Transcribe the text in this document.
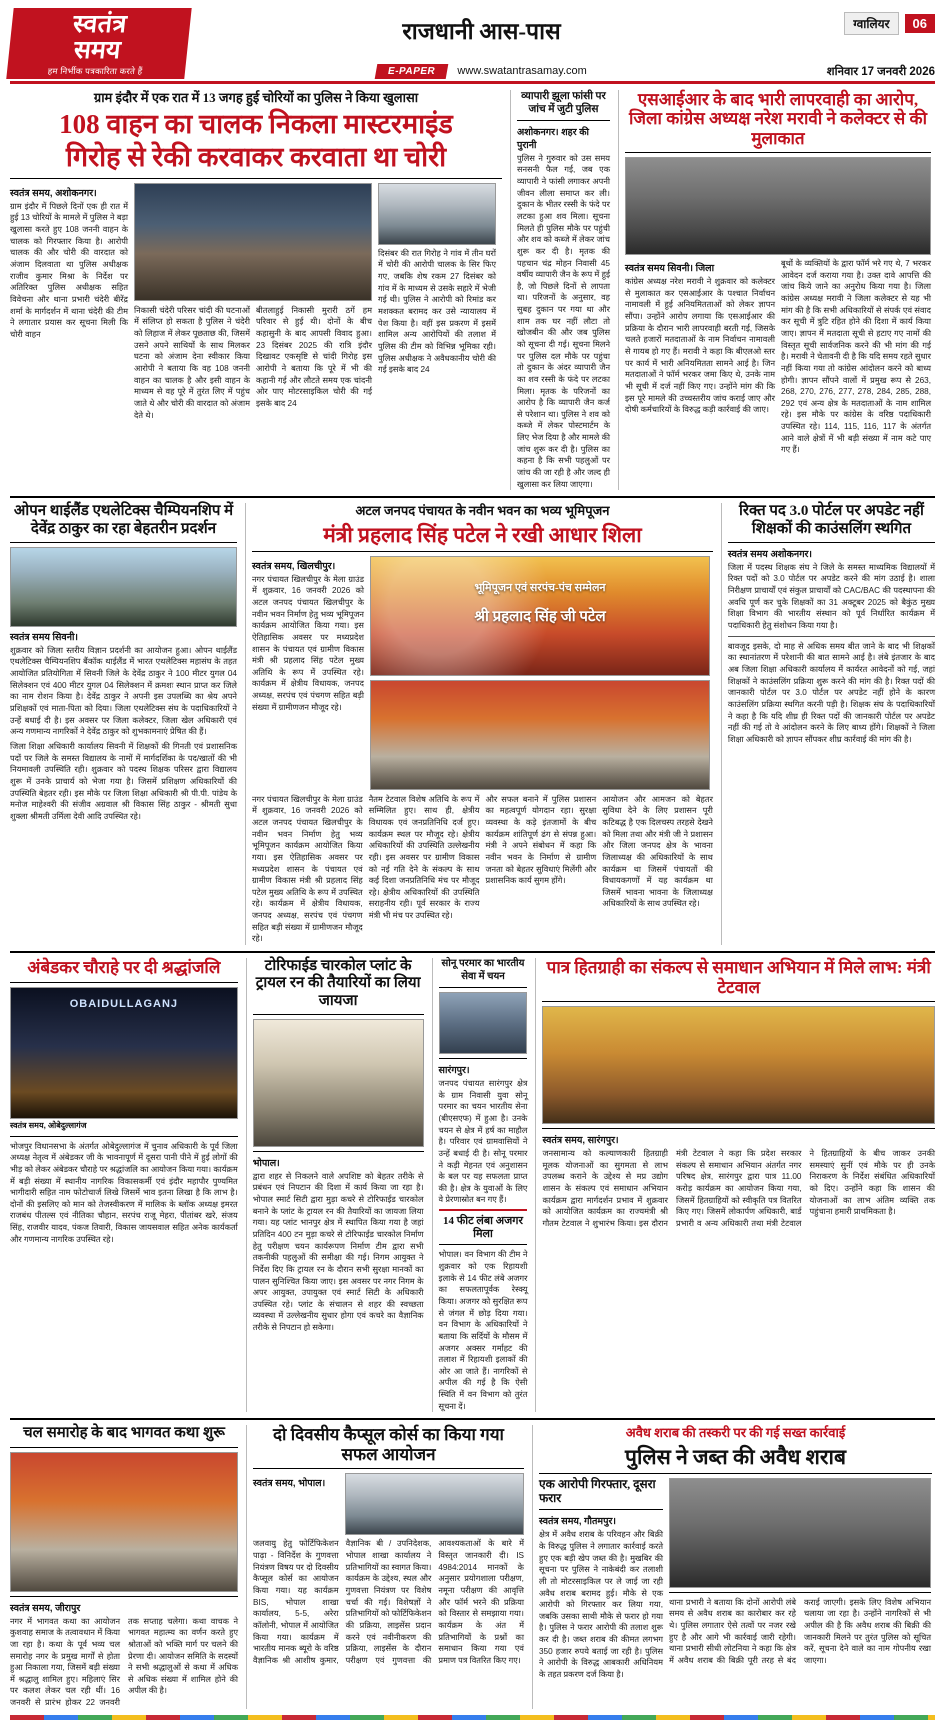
स्वतंत्र
समय
हम निर्भीक पत्रकारिता करते हैं
राजधानी आस-पास
E-PAPER	www.swatantrasamay.com
ग्वालियर	06
शनिवार 17 जनवरी 2026
ग्राम इंदौर में एक रात में 13 जगह हुई चोरियों का पुलिस ने किया खुलासा
108 वाहन का चालक निकला मास्टरमाइंड
गिरोह से रेकी करवाकर करवाता था चोरी
स्वतंत्र समय, अशोकनगर।
ग्राम इंदौर में पिछले दिनों एक ही रात में हुई 13 चोरियों के मामले में पुलिस ने बड़ा खुलासा करते हुए 108 जननी वाहन के चालक को गिरफ्तार किया है। आरोपी चालक की और चोरी की वारदात को अंजाम दिलवाता था पुलिस अधीक्षक राजीव कुमार मिश्रा के निर्देश पर अतिरिक्त पुलिस अधीक्षक सहित विवेचना और थाना प्रभारी चंदेरी बीरेंद्र शर्मा के मार्गदर्शन में थाना चंदेरी की टीम ने लगातार प्रयास कर सूचना मिली कि चोरी वाहन
निकासी चंदेरी परिसर चांदी की घटनाओं में संलिप्त हो सकता है पुलिस ने चंदेरी को लिहाज में लेकर पूछताछ की, जिसमें उसने अपने साथियों के साथ मिलकर घटना को अंजाम देना स्वीकार किया आरोपी ने बताया कि वह 108 जननी वाहन का चालक है और इसी वाहन के माध्यम से वह पूरे में तुरंत लिए में पहुंच जाते थे और चोरी की वारदात को अंजाम देते थे।
बीतलाहुई निकासी मुरारी ठगें हम परिवार से हुई थी। दोनों के बीच कहासुनी के बाद आपसी विवाद हुआ। 23 दिसंबर 2025 की रात्रि इंदौर दिखावट एकसृष्टि से चांदी गिरोह इस आरोपी ने बताया कि पूरे में भी की कहानी गई और लौटते समय एक चांदनी ओर पाए मोटरसाइकिल चोरी की गई इसके बाद 24
दिसंबर की रात गिरोह ने गांव में तीन घरों में चोरी की आरोपी चालक के सिर फिए गए, जबकि शेष रकम 27 दिसंबर को गांव में के माध्यम से उसके सहारे में भेजी गई थी। पुलिस ने आरोपी को रिमांड कर मशक्कत बरामद कर उसे न्यायालय में पेश किया है। वहीं इस प्रकरण में इसमें शामिल अन्य आरोपियों की तलाश में पुलिस की टीम को विभिन्न भूमिका रही। पुलिस अधीक्षक ने अवैधकानीय चोरी की गई इसके बाद 24
व्यापारी झूला फांसी पर जांच में जुटी पुलिस
अशोकनगर। शहर की पुरानी
पुलिस ने गुरुवार को उस समय सनसनी फैल गई, जब एक व्यापारी ने फांसी लगाकर अपनी जीवन लीला समाप्त कर ली। दुकान के भीतर रस्सी के फंदे पर लटका हुआ शव मिला। सूचना मिलते ही पुलिस मौके पर पहुंची और शव को कब्जे में लेकर जांच शुरू कर दी है। मृतक की पहचान चंद्र मोहन निवासी 45 वर्षीय व्यापारी जैन के रूप में हुई है, जो पिछले दिनों से लापता था। परिजनों के अनुसार, वह सुबह दुकान पर गया था और शाम तक घर नहीं लौटा तो खोजबीन की और जब पुलिस को सूचना दी गई। सूचना मिलने पर पुलिस दल मौके पर पहुंचा तो दुकान के अंदर व्यापारी जैन का शव रस्सी के फंदे पर लटका मिला। मृतक के परिजनों का आरोप है कि व्यापारी जैन कर्ज से परेशान था। पुलिस ने शव को कब्जे में लेकर पोस्टमार्टम के लिए भेज दिया है और मामले की जांच शुरू कर दी है। पुलिस का कहना है कि सभी पहलुओं पर जांच की जा रही है और जल्द ही खुलासा कर लिया जाएगा।
एसआईआर के बाद भारी लापरवाही का आरोप, जिला कांग्रेस अध्यक्ष नरेश मरावी ने कलेक्टर से की मुलाकात
स्वतंत्र समय सिवनी। जिला
कांग्रेस अध्यक्ष नरेश मरावी ने शुक्रवार को कलेक्टर से मुलाकात कर एसआईआर के पश्चात निर्वाचन नामावली में हुई अनियमितताओं को लेकर ज्ञापन सौंपा। उन्होंने आरोप लगाया कि एसआईआर की प्रक्रिया के दौरान भारी लापरवाही बरती गई, जिसके चलते हजारों मतदाताओं के नाम निर्वाचन नामावली से गायब हो गए हैं। मरावी ने कहा कि बीएलओ स्तर पर कार्य में भारी अनियमितता सामने आई है। जिन मतदाताओं ने फॉर्म भरकर जमा किए थे, उनके नाम भी सूची में दर्ज नहीं किए गए। उन्होंने मांग की कि इस पूरे मामले की उच्चस्तरीय जांच कराई जाए और दोषी कर्मचारियों के विरुद्ध कड़ी कार्रवाई की जाए।
बूथों के व्यक्तियों के द्वारा फॉर्म भरे गए थे, 7 भरकर आवेदन दर्ज कराया गया है। उक्त दावे आपत्ति की जांच किये जाने का अनुरोध किया गया है। जिला कांग्रेस अध्यक्ष मरावी ने जिला कलेक्टर से यह भी मांग की है कि सभी अधिकारियों से संपर्क एवं संवाद कर सूची में त्रुटि रहित होने की दिशा में कार्य किया जाए। ज्ञापन में मतदाता सूची से हटाए गए नामों की विस्तृत सूची सार्वजनिक करने की भी मांग की गई है। मरावी ने चेतावनी दी है कि यदि समय रहते सुधार नहीं किया गया तो कांग्रेस आंदोलन करने को बाध्य होगी। ज्ञापन सौंपने वालों में प्रमुख रूप से 263, 268, 270, 276, 277, 278, 284, 285, 288, 292 एवं अन्य क्षेत्र के मतदाताओं के नाम शामिल रहे। इस मौके पर कांग्रेस के वरिष्ठ पदाधिकारी उपस्थित रहे। 114, 115, 116, 117 के अंतर्गत आने वाले क्षेत्रों में भी बड़ी संख्या में नाम कटे पाए गए हैं।
ओपन थाईलैंड एथलेटिक्स चैम्पियनशिप में देवेंद्र ठाकुर का रहा बेहतरीन प्रदर्शन
स्वतंत्र समय सिवनी।
शुक्रवार को जिला स्तरीय विज्ञान प्रदर्शनी का आयोजन हुआ। ओपन थाईलैंड एथलेटिक्स चैम्पियनशिप बैंकॉक थाईलैंड में भारत एथलेटिक्स महासंघ के तहत आयोजित प्रतियोगिता में सिवनी जिले के देवेंद्र ठाकुर ने 100 मीटर युगल 04 सिलेक्शन एवं 400 मीटर युगल 04 सिलेक्शन में क्रमशः स्थान प्राप्त कर जिले का नाम रोशन किया है। देवेंद्र ठाकुर ने अपनी इस उपलब्धि का श्रेय अपने प्रशिक्षकों एवं माता-पिता को दिया। जिला एथलेटिक्स संघ के पदाधिकारियों ने उन्हें बधाई दी है। इस अवसर पर जिला कलेक्टर, जिला खेल अधिकारी एवं अन्य गणमान्य नागरिकों ने देवेंद्र ठाकुर को शुभकामनाएं प्रेषित की हैं।
जिला शिक्षा अधिकारी कार्यालय सिवनी में शिक्षकों की गिनती एवं प्रशासनिक पदों पर जिले के समस्त विद्यालय के नामों में मार्गदर्शिका के पद/खातों की भी नियमावली उपस्थिति रही। शुक्रवार को पदस्थ शिक्षक परिसर द्वारा विद्यालय शुरू में उनके प्राचार्य को भेजा गया है। जिसमें प्रशिक्षण अधिकारियों की उपस्थिति बेहतर रही। इस मौके पर जिला शिक्षा अधिकारी श्री पी.पी. पांडेय के मनोज माहेश्वरी की संजीव अग्रवाल श्री विकास सिंह ठाकुर - श्रीमती सुधा शुक्ला श्रीमती उर्मिला देवी आदि उपस्थित रहे।
अटल जनपद पंचायत के नवीन भवन का भव्य भूमिपूजन
मंत्री प्रहलाद सिंह पटेल ने रखी आधार शिला
स्वतंत्र समय, खिलचीपुर।
नगर पंचायत खिलचीपुर के मेला ग्राउंड में शुक्रवार, 16 जनवरी 2026 को अटल जनपद पंचायत खिलचीपुर के नवीन भवन निर्माण हेतु भव्य भूमिपूजन कार्यक्रम आयोजित किया गया। इस ऐतिहासिक अवसर पर मध्यप्रदेश शासन के पंचायत एवं ग्रामीण विकास मंत्री श्री प्रहलाद सिंह पटेल मुख्य अतिथि के रूप में उपस्थित रहे। कार्यक्रम में क्षेत्रीय विधायक, जनपद अध्यक्ष, सरपंच एवं पंचगण सहित बड़ी संख्या में ग्रामीणजन मौजूद रहे।
भूमिपूजन एवं सरपंच-पंच सम्मेलन
श्री प्रहलाद सिंह जी पटेल
नगर पंचायत खिलचीपुर के मेला ग्राउंड में शुक्रवार, 16 जनवरी 2026 को अटल जनपद पंचायत खिलचीपुर के नवीन भवन निर्माण हेतु भव्य भूमिपूजन कार्यक्रम आयोजित किया गया। इस ऐतिहासिक अवसर पर मध्यप्रदेश शासन के पंचायत एवं ग्रामीण विकास मंत्री श्री प्रहलाद सिंह पटेल मुख्य अतिथि के रूप में उपस्थित रहे। कार्यक्रम में क्षेत्रीय विधायक, जनपद अध्यक्ष, सरपंच एवं पंचगण सहित बड़ी संख्या में ग्रामीणजन मौजूद रहे।
नैतम टेटवाल विशेष अतिथि के रूप में सम्मिलित हुए। साथ ही, क्षेत्रीय विधायक एवं जनप्रतिनिधि दर्ज हुए। कार्यक्रम स्थल पर मौजूद रहे। क्षेत्रीय अधिकारियों की उपस्थिति उल्लेखनीय रही। इस अवसर पर ग्रामीण विकास को नई गति देने के संकल्प के साथ कई दिशा जनप्रतिनिधि मंच पर मौजूद रहे। क्षेत्रीय अधिकारियों की उपस्थिति सराहनीय रही। पूर्व सरकार के राज्य मंत्री भी मंच पर उपस्थित रहे।
और सफल बनाने में पुलिस प्रशासन का महत्वपूर्ण योगदान रहा। सुरक्षा व्यवस्था के कड़े इंतजामों के बीच कार्यक्रम शांतिपूर्ण ढंग से संपन्न हुआ। मंत्री ने अपने संबोधन में कहा कि नवीन भवन के निर्माण से ग्रामीण जनता को बेहतर सुविधाएं मिलेंगी और प्रशासनिक कार्य सुगम होंगे।
आयोजन और आमजन को बेहतर सुविधा देने के लिए प्रशासन पूरी कटिबद्ध है एक दिलचस्प तरहसे देखने को मिला तथा और मंत्री जी ने प्रशासन और जिला जनपद क्षेत्र के भावना जिलाध्यक्ष की अधिकारियों के साथ कार्यक्रम था जिसमें पंचायतों की विधायकगणों में यह कार्यक्रम था जिसमें भावना भावना के जिलाध्यक्ष अधिकारियों के साथ उपस्थित रहे।
रिक्त पद 3.0 पोर्टल पर अपडेट नहीं शिक्षकों की काउंसलिंग स्थगित
स्वतंत्र समय अशोकनगर।
जिला में पदस्थ शिक्षक संघ ने जिले के समस्त माध्यमिक विद्यालयों में रिक्त पदों को 3.0 पोर्टल पर अपडेट करने की मांग उठाई है। शाला निरीक्षण प्राचार्यों एवं संकुल प्राचार्यों को CAC/BAC की पदस्थापना की अवधि पूर्ण कर चुके शिक्षकों का 31 अक्टूबर 2025 को बैकुंठ मुख्य शिक्षा विभाग की भारतीय संस्थान को पूर्व निर्धारित कार्यक्रम में पदाधिकारी हेतु संशोधन किया गया है।
बावजूद इसके, दो माह से अधिक समय बीत जाने के बाद भी शिक्षकों का स्थानांतरण में परेशानी की बात सामने आई है। लंबे इंतजार के बाद अब जिला शिक्षा अधिकारी कार्यालय में कार्यरत आवेदनों को गई, जहां शिक्षकों ने काउंसलिंग प्रक्रिया शुरू करने की मांग की है। रिक्त पदों की जानकारी पोर्टल पर 3.0 पोर्टल पर अपडेट नहीं होने के कारण काउंसलिंग प्रक्रिया स्थगित करनी पड़ी है। शिक्षक संघ के पदाधिकारियों ने कहा है कि यदि शीघ्र ही रिक्त पदों की जानकारी पोर्टल पर अपडेट नहीं की गई तो वे आंदोलन करने के लिए बाध्य होंगे। शिक्षकों ने जिला शिक्षा अधिकारी को ज्ञापन सौंपकर शीघ्र कार्रवाई की मांग की है।
अंबेडकर चौराहे पर दी श्रद्धांजलि
OBAIDULLAGANJ
स्वतंत्र समय, ओबेदुल्लागंज
भोजपुर विधानसभा के अंतर्गत ओबेदुल्लागंज में चुनाव अधिकारी के पूर्व जिला अध्यक्ष नेतृत्व में अंबेडकर जी के भावनापूर्ण में दूसरा पानी पीने में हुई लोगों की भीड़ को लेकर अंबेडकर चौराहे पर श्रद्धांजलि का आयोजन किया गया। कार्यक्रम में बड़ी संख्या में स्थानीय नागरिक विकासकर्मी एवं इंदौर महापौर पुण्यमित भागीदारी सहित नाम फोटोचार्ज लिखे जिसमें भाव इतना लिखा है कि लाभ है। दोनों की इसलिए को मान को तेजस्वीकरण में मालिक के ब्लॉक अध्यक्ष इमरत राजबंध पीतल्स एवं नीतिका चौहान, सरपंच राजू मेहरा, पीतांबर खरे, संजय सिंह, राजवीर यादव, पंकज तिवारी, विकास जायसवाल सहित अनेक कार्यकर्ता और गणमान्य नागरिक उपस्थित रहे।
टोरिफाईड चारकोल प्लांट के ट्रायल रन की तैयारियों का लिया जायजा
भोपाल।
द्वारा शहर से निकलने वाले अपशिष्ट को बेहतर तरीके से प्रबंधन एवं निपटान की दिशा में कार्य किया जा रहा है। भोपाल स्मार्ट सिटी द्वारा मुड़ा कचरे से टोरिफाईड चारकोल बनाने के प्लांट के ट्रायल रन की तैयारियों का जायजा लिया गया। यह प्लांट भानपुर क्षेत्र में स्थापित किया गया है जहां प्रतिदिन 400 टन मुड़ा कचरे से टोरिफाईड चारकोल निर्माण हेतु परीक्षण चयन कार्यरूपण निर्माण टीम द्वारा सभी तकनीकी पहलुओं की समीक्षा की गई। निगम आयुक्त ने निर्देश दिए कि ट्रायल रन के दौरान सभी सुरक्षा मानकों का पालन सुनिश्चित किया जाए। इस अवसर पर नगर निगम के अपर आयुक्त, उपायुक्त एवं स्मार्ट सिटी के अधिकारी उपस्थित रहे। प्लांट के संचालन से शहर की स्वच्छता व्यवस्था में उल्लेखनीय सुधार होगा एवं कचरे का वैज्ञानिक तरीके से निपटान हो सकेगा।
सोनू परमार का भारतीय सेवा में चयन
सारंगपुर।
जनपद पंचायत सारंगपुर क्षेत्र के ग्राम निवासी युवा सोनू परमार का चयन भारतीय सेना (बीएसएफ) में हुआ है। उनके चयन से क्षेत्र में हर्ष का माहौल है। परिवार एवं ग्रामवासियों ने उन्हें बधाई दी है। सोनू परमार ने कड़ी मेहनत एवं अनुशासन के बल पर यह सफलता प्राप्त की है। क्षेत्र के युवाओं के लिए वे प्रेरणास्रोत बन गए हैं।
14 फीट लंबा अजगर मिला
भोपाल। वन विभाग की टीम ने शुक्रवार को एक रिहायशी इलाके से 14 फीट लंबे अजगर का सफलतापूर्वक रेस्क्यू किया। अजगर को सुरक्षित रूप से जंगल में छोड़ दिया गया। वन विभाग के अधिकारियों ने बताया कि सर्दियों के मौसम में अजगर अक्सर गर्माहट की तलाश में रिहायशी इलाकों की ओर आ जाते हैं। नागरिकों से अपील की गई है कि ऐसी स्थिति में वन विभाग को तुरंत सूचना दें।
पात्र हितग्राही का संकल्प से समाधान अभियान में मिले लाभ: मंत्री टेटवाल
स्वतंत्र समय, सारंगपुर।
जनसामान्य को कल्याणकारी हितग्राही मूलक योजनाओं का सुगमता से लाभ उपलब्ध कराने के उद्देश्य से मप्र उद्योग शासन के संकल्प एवं समाधान अभियान कार्यक्रम द्वारा मार्गदर्शन प्रभाव में शुक्रवार को आयोजित कार्यक्रम का राज्यमंत्री श्री गौतम टेटवाल ने शुभारंभ किया। इस दौरान मंत्री टेटवाल ने कहा कि प्रदेश सरकार संकल्प से समाधान अभियान अंतर्गत नगर परिषद क्षेत्र, सारंगपुर द्वारा पात्र 11.00 करोड़ कार्यक्रम का आयोजन किया गया, जिसमें हितग्राहियों को स्वीकृति पत्र वितरित किए गए। जिसमें लोकार्पण अधिकारी, बार्ड प्रभारी व अन्य अधिकारी तथा मंत्री टेटवाल ने हितग्राहियों के बीच जाकर उनकी समस्याएं सुनीं एवं मौके पर ही उनके निराकरण के निर्देश संबंधित अधिकारियों को दिए। उन्होंने कहा कि शासन की योजनाओं का लाभ अंतिम व्यक्ति तक पहुंचाना हमारी प्राथमिकता है।
चल समारोह के बाद भागवत कथा शुरू
स्वतंत्र समय, जीरापुर
नगर में भागवत कथा का आयोजन कुशवाह समाज के तत्वावधान में किया जा रहा है। कथा के पूर्व भव्य चल समारोह नगर के प्रमुख मार्गों से होता हुआ निकाला गया, जिसमें बड़ी संख्या में श्रद्धालु शामिल हुए। महिलाएं सिर पर कलश लेकर चल रही थीं। 16 जनवरी से प्रारंभ होकर 22 जनवरी तक सप्ताह चलेगा। कथा वाचक ने भागवत महात्म्य का वर्णन करते हुए श्रोताओं को भक्ति मार्ग पर चलने की प्रेरणा दी। आयोजन समिति के सदस्यों ने सभी श्रद्धालुओं से कथा में अधिक से अधिक संख्या में शामिल होने की अपील की है।
दो दिवसीय कैप्सूल कोर्स का किया गया सफल आयोजन
स्वतंत्र समय, भोपाल।
जलवायु हेतु फोर्टिफिकेशन पाढ़ा - विनिर्देश के गुणवत्ता नियंत्रण विषय पर दो दिवसीय कैप्सूल कोर्स का आयोजन किया गया। यह कार्यक्रम BIS, भोपाल शाखा कार्यालय, 5-5, अरेरा कॉलोनी, भोपाल में आयोजित किया गया। कार्यक्रम में भारतीय मानक ब्यूरो के वरिष्ठ वैज्ञानिक श्री आशीष कुमार, वैज्ञानिक बी / उपनिदेशक, भोपाल शाखा कार्यालय ने प्रतिभागियों का स्वागत किया। कार्यक्रम के उद्देश्य, स्थल और गुणवत्ता नियंत्रण पर विशेष चर्चा की गई। विशेषज्ञों ने प्रतिभागियों को फोर्टिफिकेशन की प्रक्रिया, लाइसेंस प्रदान करने एवं नवीनीकरण की प्रक्रिया, लाइसेंस के दौरान परीक्षण एवं गुणवत्ता की आवश्यकताओं के बारे में विस्तृत जानकारी दी। IS 4984:2014 मानकों के अनुसार प्रयोगशाला परीक्षण, नमूना परीक्षण की आवृत्ति और फॉर्म भरने की प्रक्रिया को विस्तार से समझाया गया। कार्यक्रम के अंत में प्रतिभागियों के प्रश्नों का समाधान किया गया एवं प्रमाण पत्र वितरित किए गए।
अवैध शराब की तस्करी पर की गई सख्त कार्रवाई
पुलिस ने जब्त की अवैध शराब
एक आरोपी गिरफ्तार, दूसरा फरार
स्वतंत्र समय, गौतमपुर।
क्षेत्र में अवैध शराब के परिवहन और बिक्री के विरुद्ध पुलिस ने लगातार कार्रवाई करते हुए एक बड़ी खेप जब्त की है। मुखबिर की सूचना पर पुलिस ने नाकेबंदी कर तलाशी ली तो मोटरसाइकिल पर ले जाई जा रही अवैध शराब बरामद हुई। मौके से एक आरोपी को गिरफ्तार कर लिया गया, जबकि उसका साथी मौके से फरार हो गया है। पुलिस ने फरार आरोपी की तलाश शुरू कर दी है। जब्त शराब की कीमत लगभग 350 हजार रुपये बताई जा रही है। पुलिस ने आरोपी के विरुद्ध आबकारी अधिनियम के तहत प्रकरण दर्ज किया है।
थाना प्रभारी ने बताया कि दोनों आरोपी लंबे समय से अवैध शराब का कारोबार कर रहे थे। पुलिस लगातार ऐसे तत्वों पर नजर रखे हुए है और आगे भी कार्रवाई जारी रहेगी। थाना प्रभारी सीधी लोटनिया ने कहा कि क्षेत्र में अवैध शराब की बिक्री पूरी तरह से बंद कराई जाएगी। इसके लिए विशेष अभियान चलाया जा रहा है। उन्होंने नागरिकों से भी अपील की है कि अवैध शराब की बिक्री की जानकारी मिलने पर तुरंत पुलिस को सूचित करें, सूचना देने वाले का नाम गोपनीय रखा जाएगा।
